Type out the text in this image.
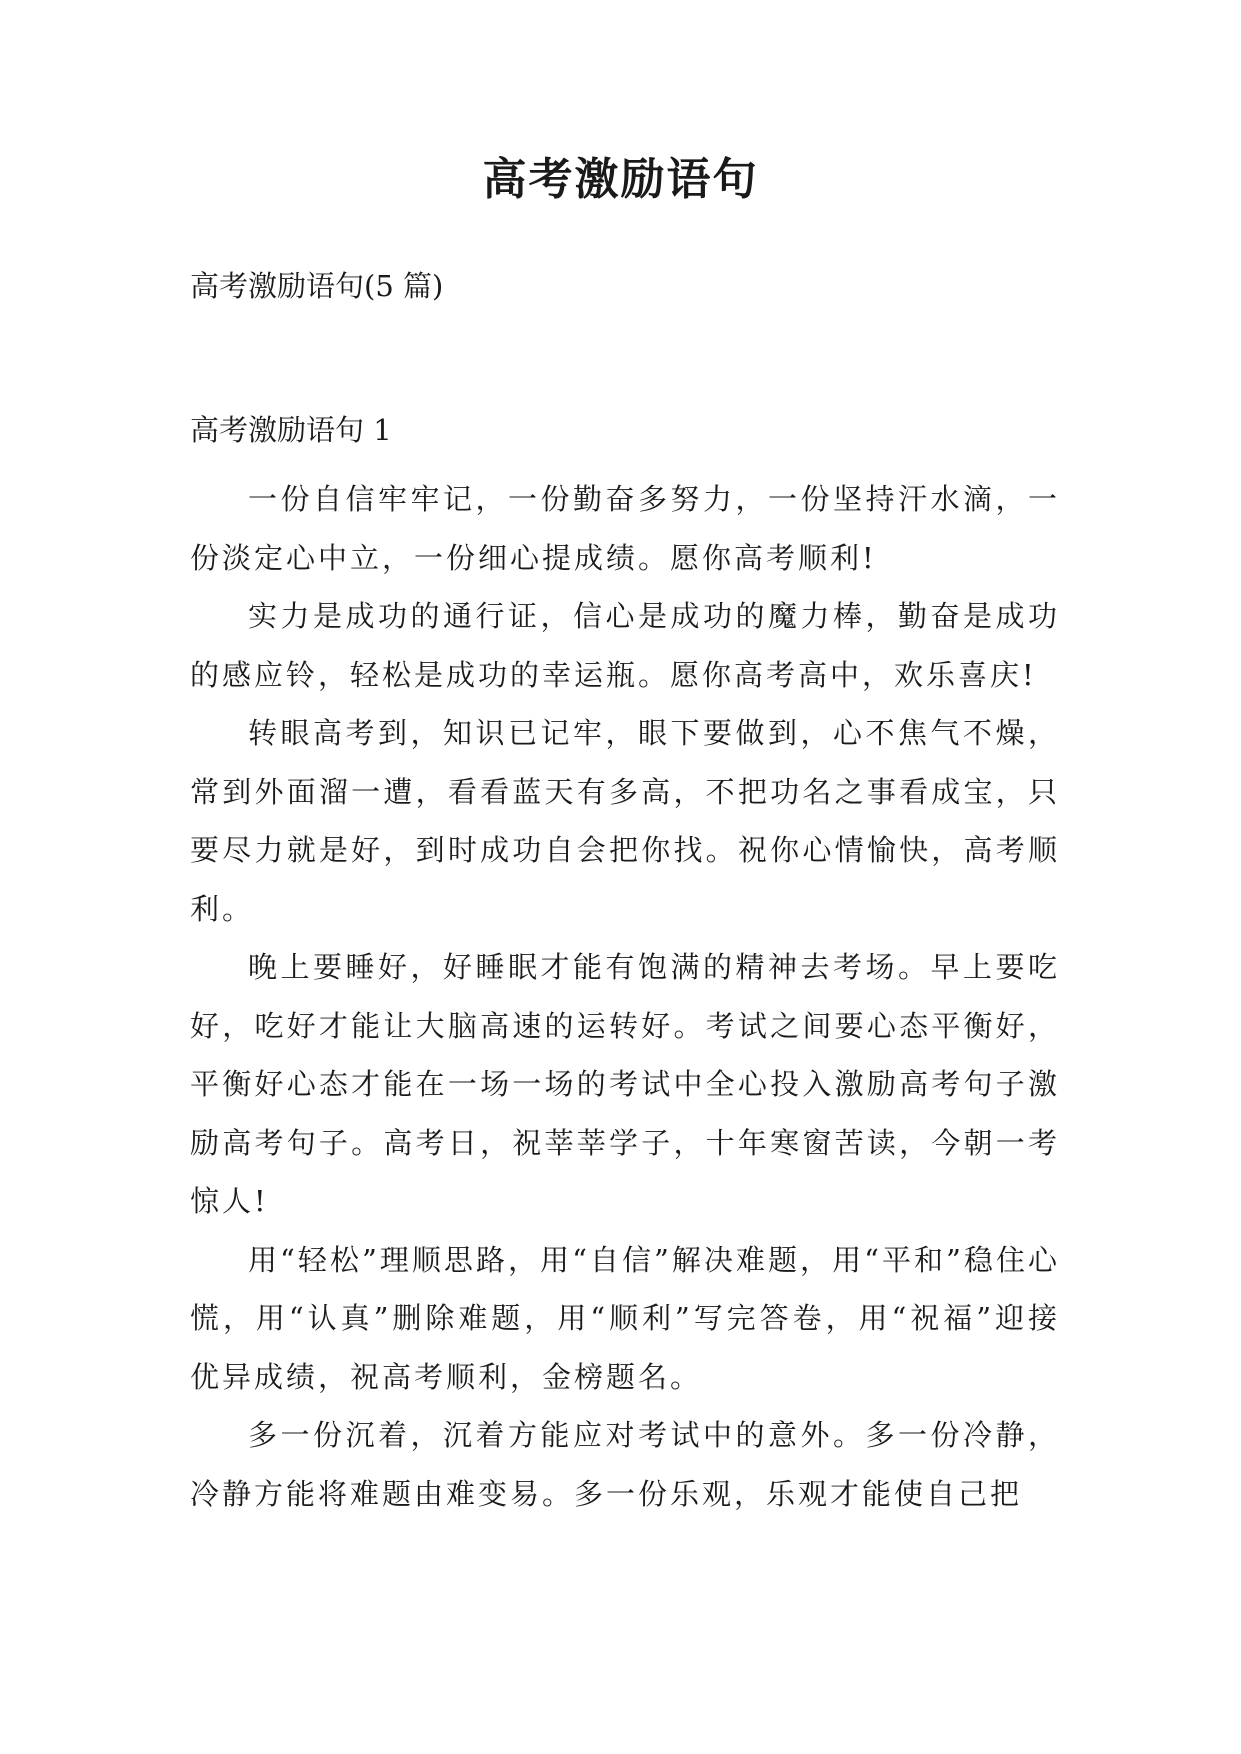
高考激励语句

高考激励语句(5 篇)

高考激励语句 1

一份自信牢牢记，一份勤奋多努力，一份坚持汗水滴，一份淡定心中立，一份细心提成绩。愿你高考顺利!

实力是成功的通行证，信心是成功的魔力棒，勤奋是成功的感应铃，轻松是成功的幸运瓶。愿你高考高中，欢乐喜庆!

转眼高考到，知识已记牢，眼下要做到，心不焦气不燥，常到外面溜一遭，看看蓝天有多高，不把功名之事看成宝，只要尽力就是好，到时成功自会把你找。祝你心情愉快，高考顺利。

晚上要睡好，好睡眠才能有饱满的精神去考场。早上要吃好，吃好才能让大脑高速的运转好。考试之间要心态平衡好，平衡好心态才能在一场一场的考试中全心投入激励高考句子激励高考句子。高考日，祝莘莘学子，十年寒窗苦读，今朝一考惊人!

用“轻松”理顺思路，用“自信”解决难题，用“平和”稳住心慌，用“认真”删除难题，用“顺利”写完答卷，用“祝福”迎接优异成绩，祝高考顺利，金榜题名。

多一份沉着，沉着方能应对考试中的意外。多一份冷静，冷静方能将难题由难变易。多一份乐观，乐观才能使自己把
